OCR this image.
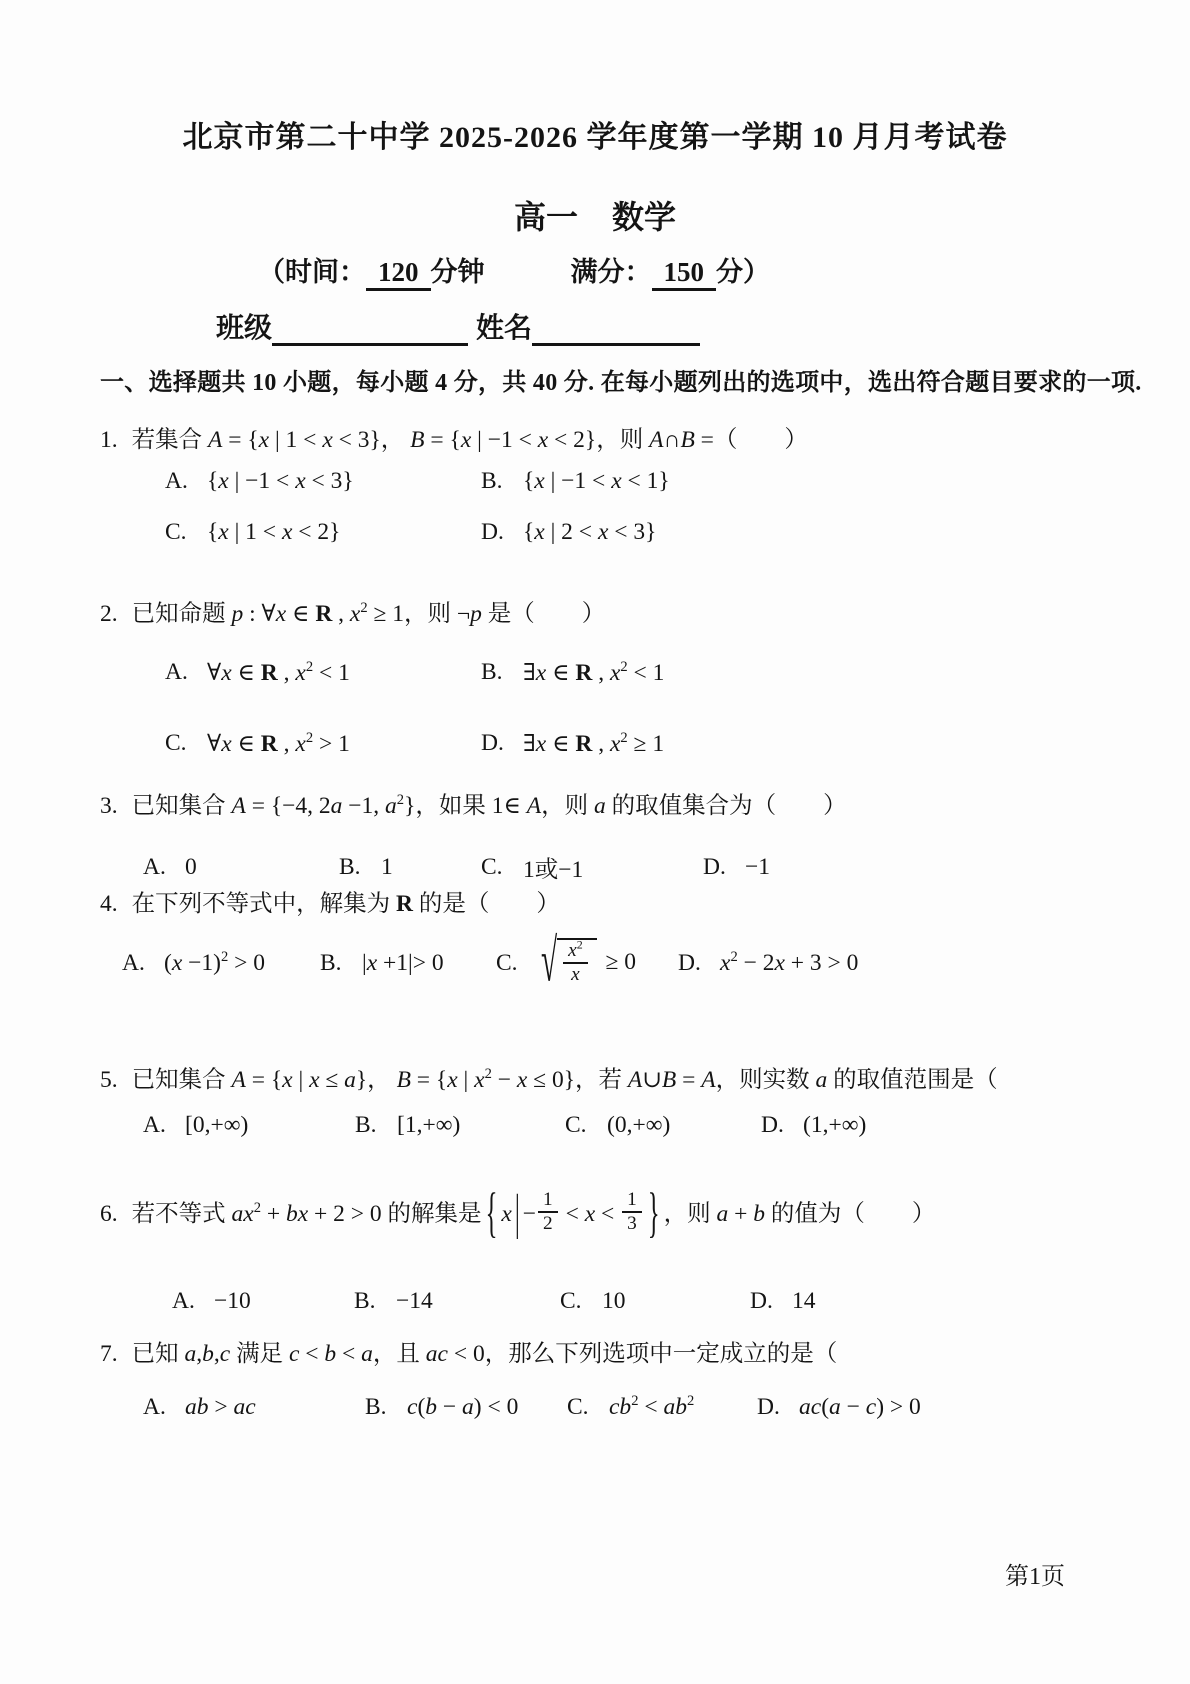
北京市第二十中学 2025-2026 学年度第一学期 10 月月考试卷
高一 数学
（时间： 120 分钟	满分： 150 分）
班级	姓名
一、选择题共 10 小题，每小题 4 分，共 40 分. 在每小题列出的选项中，选出符合题目要求的一项.
1. 若集合 A = {x | 1 < x < 3}， B = {x | −1 < x < 2}，则 A∩B =（　　）
A. {x | −1 < x < 3}	B. {x | −1 < x < 1}
C. {x | 1 < x < 2}	D. {x | 2 < x < 3}
2. 已知命题 p : ∀x ∈ R , $x^2 \ge 1$，则 ¬p 是（　　）
A. ∀x ∈ R , $x^2 < 1$	B. ∃x ∈ R , $x^2 < 1$
C. ∀x ∈ R , $x^2 > 1$	D. ∃x ∈ R , $x^2 \ge 1$
3. 已知集合 A = {−4, 2a −1, $a^2$}，如果 1∈ A，则 a 的取值集合为（　　）
A. 0	B. 1	C. 1或−1	D. −1
4. 在下列不等式中，解集为 R 的是（　　）
A. $(x -1)^2 > 0$ B. |x +1|> 0 C. √ $\frac{x^2}{x} \ge 0$ D. $x^2 - 2x + 3 > 0$
5. 已知集合 A = {x | x ≤ a}， B = {x | $x^2 - x \le 0$}，若 A∪B = A，则实数 a 的取值范围是（
A. [0,+∞)	B. [1,+∞)	C. (0,+∞)	D. (1,+∞)
6. 若不等式 $ax^2$ + bx + 2 > 0 的解集是 { x | − $\frac{1}{2} < x < \frac{1}{3}$ } ，则 a + b 的值为（　　）
A. −10	B. −14	C. 10	D. 14
7. 已知 a,b,c 满足 c < b < a，且 ac < 0，那么下列选项中一定成立的是（
A. ab > ac	B. c(b − a) < 0 C. $cb^2 < ab^2$	D. ac(a − c) > 0
第1页
